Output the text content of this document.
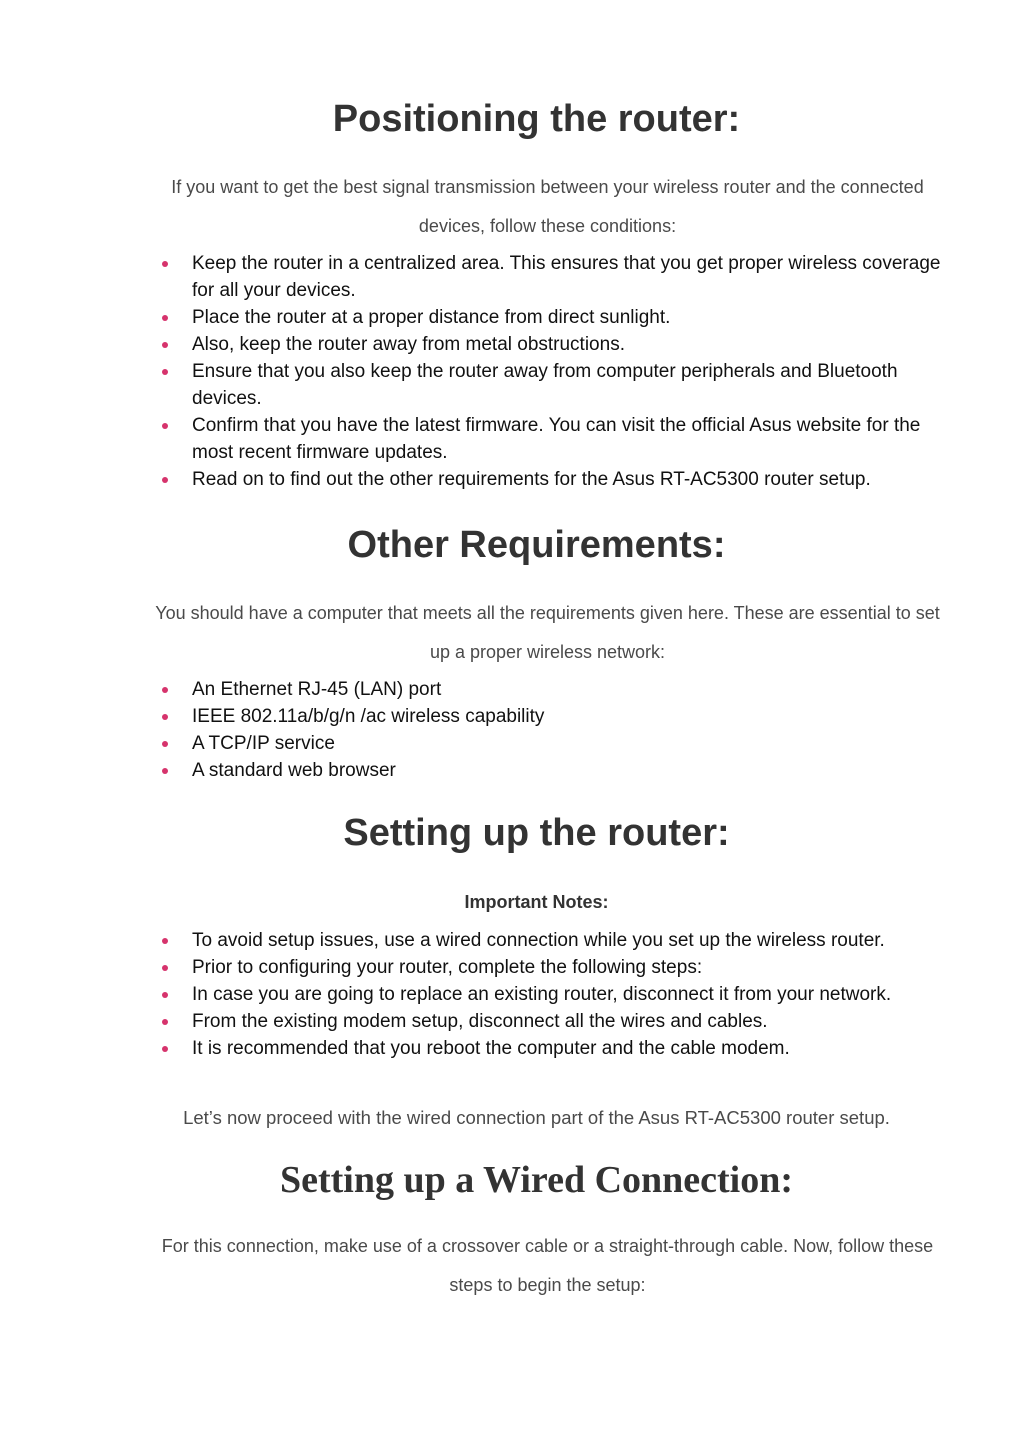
Positioning the router:

If you want to get the best signal transmission between your wireless router and the connected devices, follow these conditions:

Keep the router in a centralized area. This ensures that you get proper wireless coverage for all your devices.
Place the router at a proper distance from direct sunlight.
Also, keep the router away from metal obstructions.
Ensure that you also keep the router away from computer peripherals and Bluetooth devices.
Confirm that you have the latest firmware. You can visit the official Asus website for the most recent firmware updates.
Read on to find out the other requirements for the Asus RT-AC5300 router setup.
Other Requirements:

You should have a computer that meets all the requirements given here. These are essential to set up a proper wireless network:

An Ethernet RJ-45 (LAN) port
IEEE 802.11a/b/g/n /ac wireless capability
A TCP/IP service
A standard web browser
Setting up the router:

Important Notes:

To avoid setup issues, use a wired connection while you set up the wireless router.
Prior to configuring your router, complete the following steps:
In case you are going to replace an existing router, disconnect it from your network.
From the existing modem setup, disconnect all the wires and cables.
It is recommended that you reboot the computer and the cable modem.

Let’s now proceed with the wired connection part of the Asus RT-AC5300 router setup.

Setting up a Wired Connection:

For this connection, make use of a crossover cable or a straight-through cable. Now, follow these steps to begin the setup:
